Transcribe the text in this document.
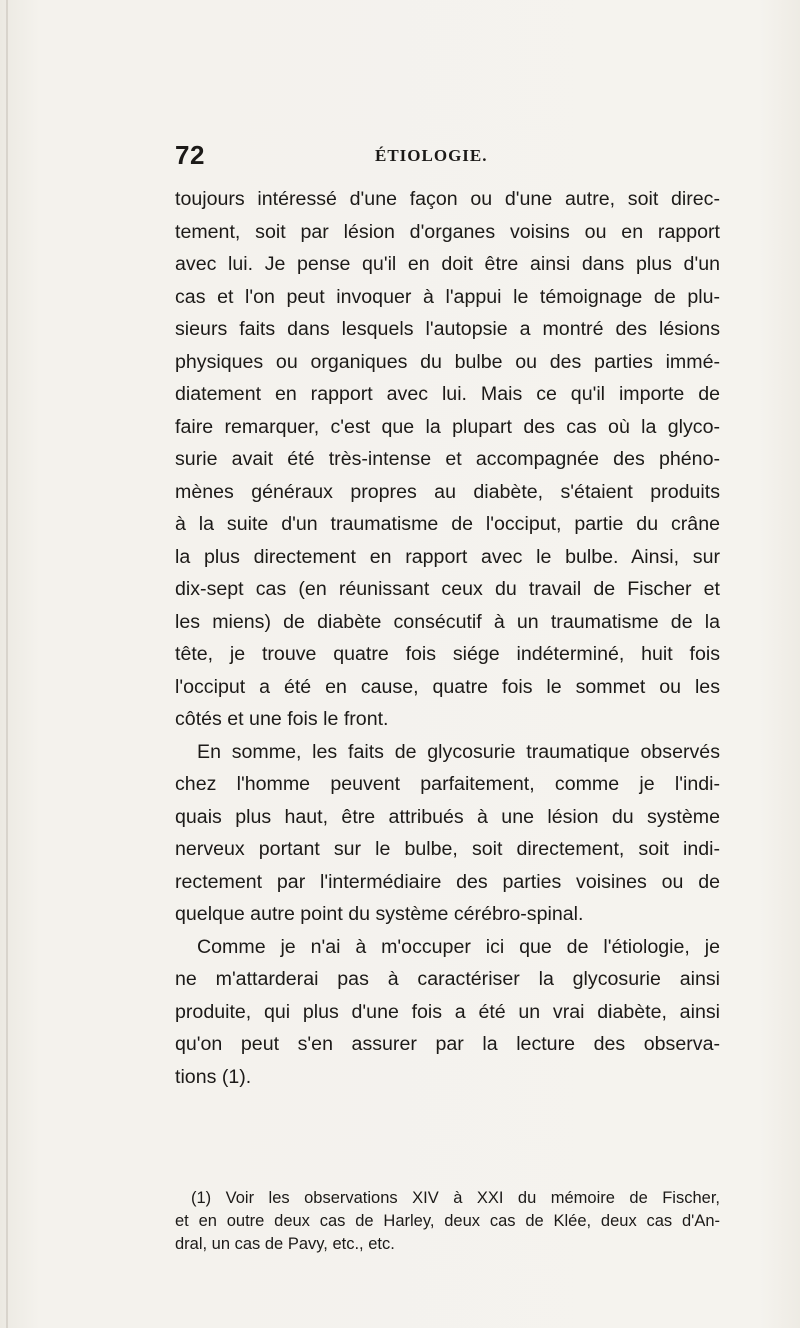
72	ÉTIOLOGIE.
toujours intéressé d'une façon ou d'une autre, soit direc-
tement, soit par lésion d'organes voisins ou en rapport
avec lui. Je pense qu'il en doit être ainsi dans plus d'un
cas et l'on peut invoquer à l'appui le témoignage de plu-
sieurs faits dans lesquels l'autopsie a montré des lésions
physiques ou organiques du bulbe ou des parties immé-
diatement en rapport avec lui. Mais ce qu'il importe de
faire remarquer, c'est que la plupart des cas où la glyco-
surie avait été très-intense et accompagnée des phéno-
mènes généraux propres au diabète, s'étaient produits
à la suite d'un traumatisme de l'occiput, partie du crâne
la plus directement en rapport avec le bulbe. Ainsi, sur
dix-sept cas (en réunissant ceux du travail de Fischer et
les miens) de diabète consécutif à un traumatisme de la
tête, je trouve quatre fois siége indéterminé, huit fois
l'occiput a été en cause, quatre fois le sommet ou les
côtés et une fois le front.
En somme, les faits de glycosurie traumatique observés
chez l'homme peuvent parfaitement, comme je l'indi-
quais plus haut, être attribués à une lésion du système
nerveux portant sur le bulbe, soit directement, soit indi-
rectement par l'intermédiaire des parties voisines ou de
quelque autre point du système cérébro-spinal.
Comme je n'ai à m'occuper ici que de l'étiologie, je
ne m'attarderai pas à caractériser la glycosurie ainsi
produite, qui plus d'une fois a été un vrai diabète, ainsi
qu'on peut s'en assurer par la lecture des observa-
tions (1).
(1) Voir les observations XIV à XXI du mémoire de Fischer,
et en outre deux cas de Harley, deux cas de Klée, deux cas d'An-
dral, un cas de Pavy, etc., etc.
